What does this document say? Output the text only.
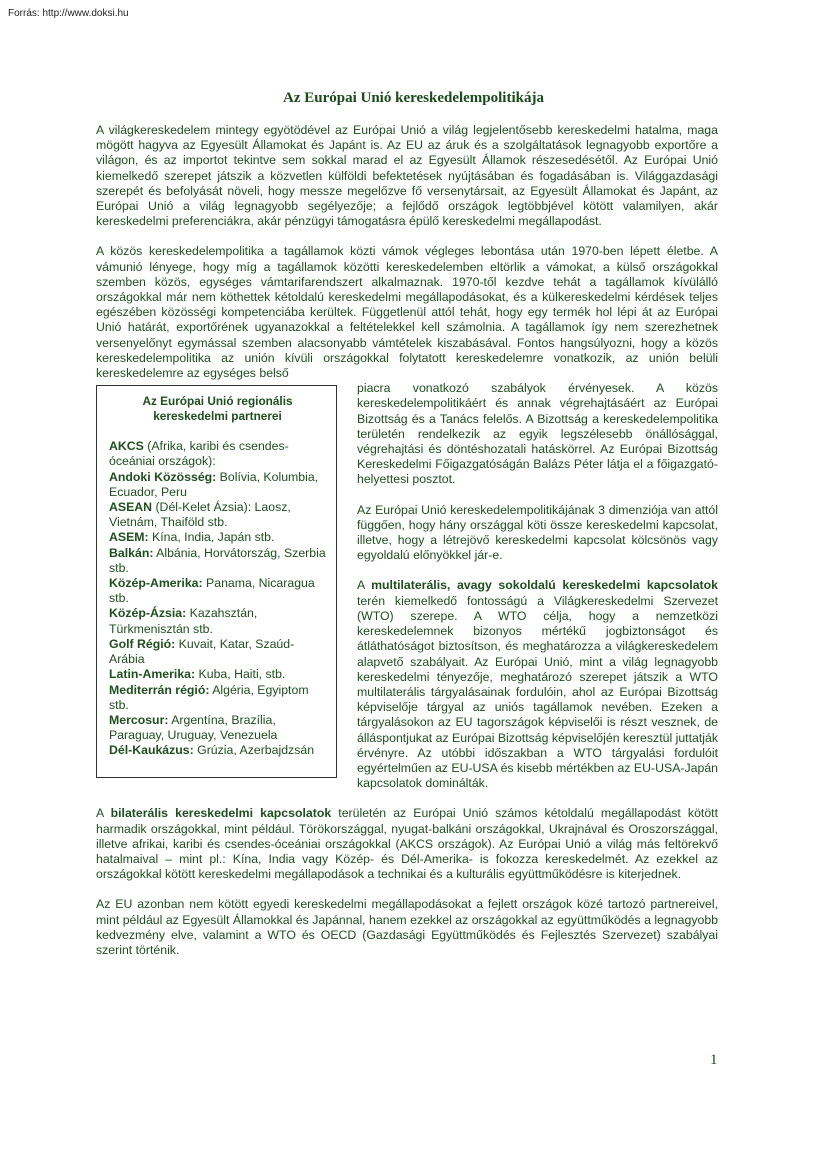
Forrás: http://www.doksi.hu
Az Európai Unió kereskedelempolitikája

A világkereskedelem mintegy egyötödével az Európai Unió a világ legjelentősebb kereskedelmi hatalma, maga mögött hagyva az Egyesült Államokat és Japánt is. Az EU az áruk és a szolgáltatások legnagyobb exportőre a világon, és az importot tekintve sem sokkal marad el az Egyesült Államok részesedésétől. Az Európai Unió kiemelkedő szerepet játszik a közvetlen külföldi befektetések nyújtásában és fogadásában is. Világgazdasági szerepét és befolyását növeli, hogy messze megelőzve fő versenytársait, az Egyesült Államokat és Japánt, az Európai Unió a világ legnagyobb segélyezője; a fejlődő országok legtöbbjével kötött valamilyen, akár kereskedelmi preferenciákra, akár pénzügyi támogatásra épülő kereskedelmi megállapodást.

A közös kereskedelempolitika a tagállamok közti vámok végleges lebontása után 1970-ben lépett életbe. A vámunió lényege, hogy míg a tagállamok közötti kereskedelemben eltörlik a vámokat, a külső országokkal szemben közös, egységes vámtarifarendszert alkalmaznak. 1970-től kezdve tehát a tagállamok kívülálló országokkal már nem köthettek kétoldalú kereskedelmi megállapodásokat, és a külkereskedelmi kérdések teljes egészében közösségi kompetenciába kerültek. Függetlenül attól tehát, hogy egy termék hol lépi át az Európai Unió határát, exportőrének ugyanazokkal a feltételekkel kell számolnia. A tagállamok így nem szerezhetnek versenyelőnyt egymással szemben alacsonyabb vámtételek kiszabásával. Fontos hangsúlyozni, hogy a közös kereskedelempolitika az unión kívüli országokkal folytatott kereskedelemre vonatkozik, az unión belüli kereskedelemre az egységes belső

Az Európai Unió regionális kereskedelmi partnerei
AKCS (Afrika, karibi és csendes-óceániai országok):
Andoki Közösség: Bolívia, Kolumbia, Ecuador, Peru
ASEAN (Dél-Kelet Ázsia): Laosz, Vietnám, Thaiföld stb.
ASEM: Kína, India, Japán stb.
Balkán: Albánia, Horvátország, Szerbia stb.
Közép-Amerika: Panama, Nicaragua stb.
Közép-Ázsia: Kazahsztán, Türkmenisztán stb.
Golf Régió: Kuvait, Katar, Szaúd-Arábia
Latin-Amerika: Kuba, Haiti, stb.
Mediterrán régió: Algéria, Egyiptom stb.
Mercosur: Argentína, Brazília, Paraguay, Uruguay, Venezuela
Dél-Kaukázus: Grúzia, Azerbajdzsán

piacra vonatkozó szabályok érvényesek. A közös kereskedelempolitikáért és annak végrehajtásáért az Európai Bizottság és a Tanács felelős. A Bizottság a kereskedelempolitika területén rendelkezik az egyik legszélesebb önállósággal, végrehajtási és döntéshozatali hatáskörrel. Az Európai Bizottság Kereskedelmi Főigazgatóságán Balázs Péter látja el a főigazgató-helyettesi posztot.

Az Európai Unió kereskedelempolitikájának 3 dimenziója van attól függően, hogy hány országgal köti össze kereskedelmi kapcsolat, illetve, hogy a létrejövő kereskedelmi kapcsolat kölcsönös vagy egyoldalú előnyökkel jár-e.

A multilaterális, avagy sokoldalú kereskedelmi kapcsolatok terén kiemelkedő fontosságú a Világkereskedelmi Szervezet (WTO) szerepe. A WTO célja, hogy a nemzetközi kereskedelemnek bizonyos mértékű jogbiztonságot és átláthatóságot biztosítson, és meghatározza a világkereskedelem alapvető szabályait. Az Európai Unió, mint a világ legnagyobb kereskedelmi tényezője, meghatározó szerepet játszik a WTO multilaterális tárgyalásainak fordulóin, ahol az Európai Bizottság képviselője tárgyal az uniós tagállamok nevében. Ezeken a tárgyalásokon az EU tagországok képviselői is részt vesznek, de álláspontjukat az Európai Bizottság képviselőjén keresztül juttatják érvényre. Az utóbbi időszakban a WTO tárgyalási fordulóit egyértelműen az EU-USA és kisebb mértékben az EU-USA-Japán kapcsolatok dominálták.

A bilaterális kereskedelmi kapcsolatok területén az Európai Unió számos kétoldalú megállapodást kötött harmadik országokkal, mint például. Törökországgal, nyugat-balkáni országokkal, Ukrajnával és Oroszországgal, illetve afrikai, karibi és csendes-óceániai országokkal (AKCS országok). Az Európai Unió a világ más feltörekvő hatalmaival – mint pl.: Kína, India vagy Közép- és Dél-Amerika- is fokozza kereskedelmét. Az ezekkel az országokkal kötött kereskedelmi megállapodások a technikai és a kulturális együttműködésre is kiterjednek.

Az EU azonban nem kötött egyedi kereskedelmi megállapodásokat a fejlett országok közé tartozó partnereivel, mint például az Egyesült Államokkal és Japánnal, hanem ezekkel az országokkal az együttműködés a legnagyobb kedvezmény elve, valamint a WTO és OECD (Gazdasági Együttműködés és Fejlesztés Szervezet) szabályai szerint történik.

1
